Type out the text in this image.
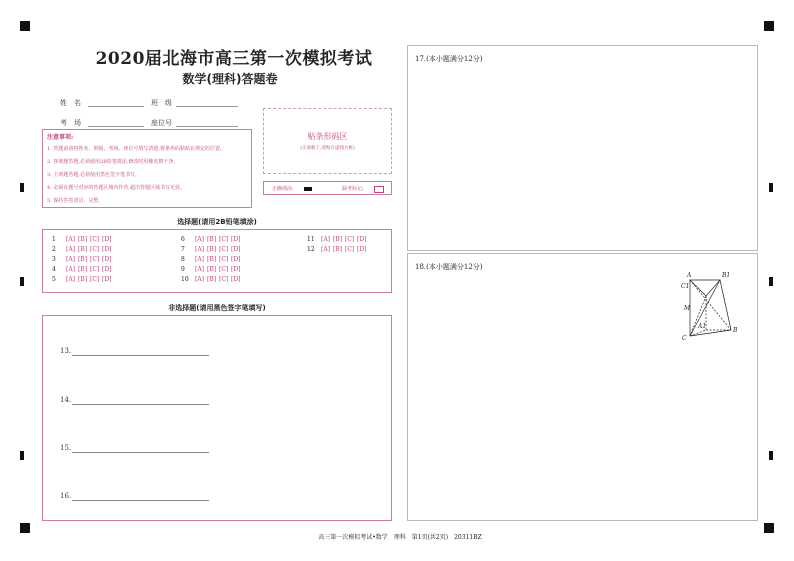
2020届北海市高三第一次模拟考试
数学(理科)答题卷
姓　名	班　级
考　场	座位号
注意事项:
1. 答题前请将姓名、班级、考场、座位号填写清楚,将条形码粘贴在规定的位置。
2. 客观题答题,必须使用2B铅笔填涂,修改时用橡皮擦干净。
3. 主观题答题,必须使用黑色签字笔书写。
4. 必须在题号对应的答题区域内作答,超出答题区域书写无效。
5. 保持答卷清洁、完整。
贴条形码区
(正面朝上,请贴在虚线方框)
正确填涂:	缺考标记:
选择题(请用2B铅笔填涂)
1 [A] [B] [C] [D]
2 [A] [B] [C] [D]
3 [A] [B] [C] [D]
4 [A] [B] [C] [D]
5 [A] [B] [C] [D]
6 [A] [B] [C] [D]
7 [A] [B] [C] [D]
8 [A] [B] [C] [D]
9 [A] [B] [C] [D]
10 [A] [B] [C] [D]
11 [A] [B] [C] [D]
12 [A] [B] [C] [D]
非选择题(请用黑色签字笔填写)
13.
14.
15.
16.
17.(本小题满分12分)
18.(本小题满分12分)
A	B1
C1
M
A1
C
B
高三第一次模拟考试•数学　理科　第1页(共2页)　20311BZ
